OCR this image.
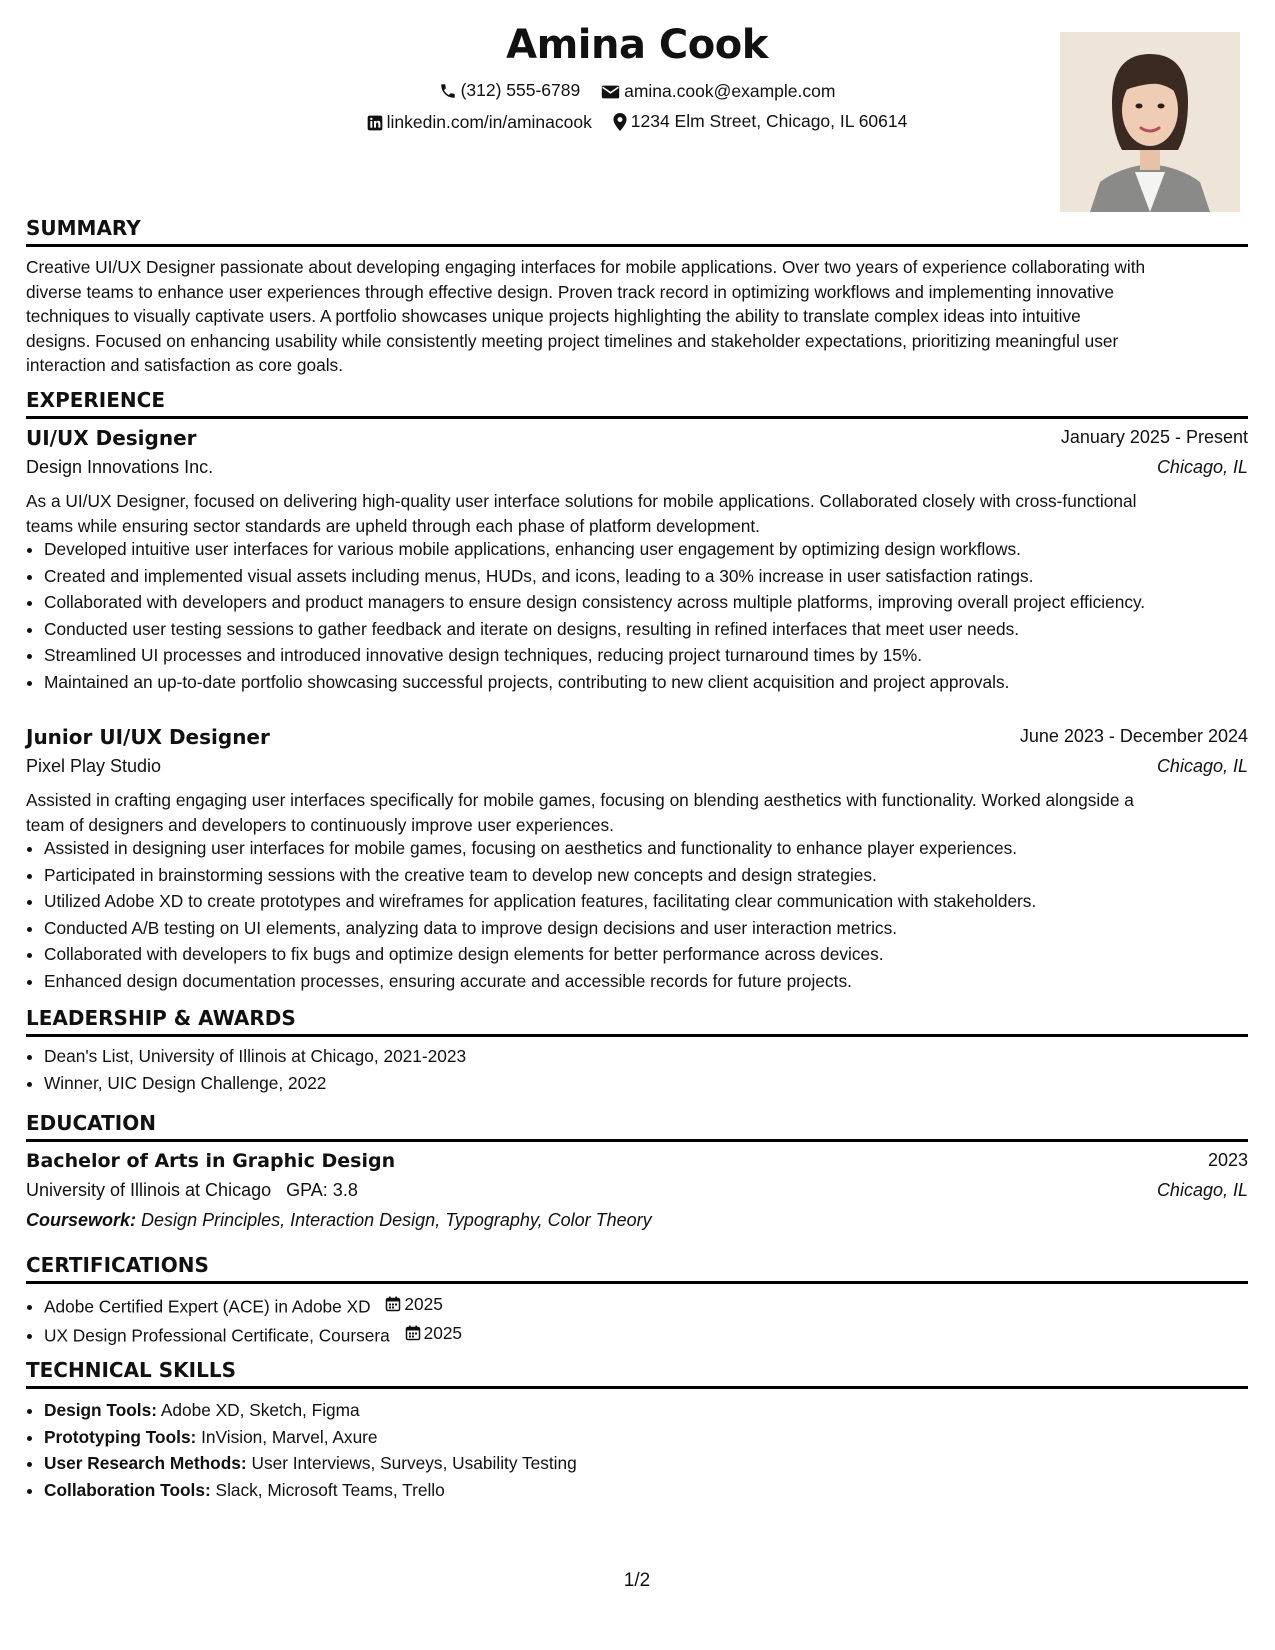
Amina Cook
(312) 555-6789
	amina.cook@example.com
linkedin.com/in/aminacook
1234 Elm Street, Chicago, IL 60614
SUMMARY
Creative UI/UX Designer passionate about developing engaging interfaces for mobile applications. Over two years of experience collaborating with
diverse teams to enhance user experiences through effective design. Proven track record in optimizing workflows and implementing innovative
techniques to visually captivate users. A portfolio showcases unique projects highlighting the ability to translate complex ideas into intuitive
designs. Focused on enhancing usability while consistently meeting project timelines and stakeholder expectations, prioritizing meaningful user
interaction and satisfaction as core goals.
EXPERIENCE
UI/UX Designer	January 2025 - Present
Design Innovations Inc.	Chicago, IL
As a UI/UX Designer, focused on delivering high-quality user interface solutions for mobile applications. Collaborated closely with cross-functional
teams while ensuring sector standards are upheld through each phase of platform development.
• Developed intuitive user interfaces for various mobile applications, enhancing user engagement by optimizing design workflows.
• Created and implemented visual assets including menus, HUDs, and icons, leading to a 30% increase in user satisfaction ratings.
• Collaborated with developers and product managers to ensure design consistency across multiple platforms, improving overall project efficiency.
• Conducted user testing sessions to gather feedback and iterate on designs, resulting in refined interfaces that meet user needs.
• Streamlined UI processes and introduced innovative design techniques, reducing project turnaround times by 15%.
• Maintained an up-to-date portfolio showcasing successful projects, contributing to new client acquisition and project approvals.
Junior UI/UX Designer	June 2023 - December 2024
Pixel Play Studio	Chicago, IL
Assisted in crafting engaging user interfaces specifically for mobile games, focusing on blending aesthetics with functionality. Worked alongside a
team of designers and developers to continuously improve user experiences.
• Assisted in designing user interfaces for mobile games, focusing on aesthetics and functionality to enhance player experiences.
• Participated in brainstorming sessions with the creative team to develop new concepts and design strategies.
• Utilized Adobe XD to create prototypes and wireframes for application features, facilitating clear communication with stakeholders.
• Conducted A/B testing on UI elements, analyzing data to improve design decisions and user interaction metrics.
• Collaborated with developers to fix bugs and optimize design elements for better performance across devices.
• Enhanced design documentation processes, ensuring accurate and accessible records for future projects.
LEADERSHIP & AWARDS
• Dean's List, University of Illinois at Chicago, 2021-2023
• Winner, UIC Design Challenge, 2022
EDUCATION
Bachelor of Arts in Graphic Design	2023
University of Illinois at Chicago GPA: 3.8	Chicago, IL
Coursework: Design Principles, Interaction Design, Typography, Color Theory
CERTIFICATIONS
• Adobe Certified Expert (ACE) in Adobe XD 2025
• UX Design Professional Certificate, Coursera 2025
TECHNICAL SKILLS
• Design Tools: Adobe XD, Sketch, Figma
• Prototyping Tools: InVision, Marvel, Axure
• User Research Methods: User Interviews, Surveys, Usability Testing
• Collaboration Tools: Slack, Microsoft Teams, Trello
1/2
